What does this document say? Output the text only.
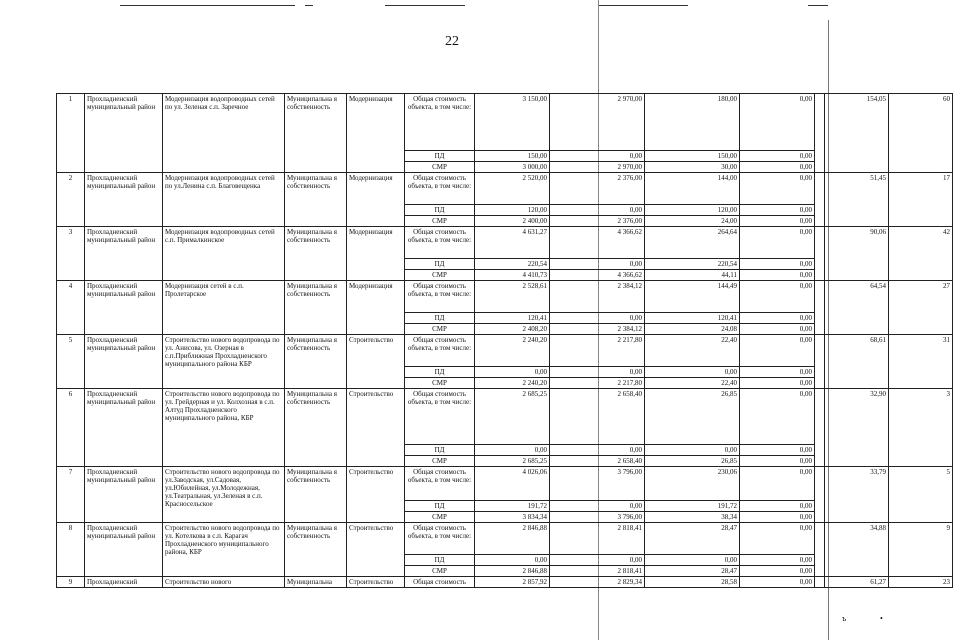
22
1	Прохладненский муниципальный район	Модернизация водопроводных сетей по ул. Зеленая с.п. Заречное	Муниципальна я собственность	Модернизация	Общая стоимость объекта, в том числе:	3 150,00	2 970,00	180,00	0,00		154,05	60
					ПД	150,00	0,00	150,00	0,00			
					СМР	3 000,00	2 970,00	30,00	0,00			
2	Прохладненский муниципальный район	Модернизация водопроводных сетей по ул.Ленина с.п. Благовещенка	Муниципальна я собственность	Модернизация	Общая стоимость объекта, в том числе:	2 520,00	2 376,00	144,00	0,00		51,45	17
					ПД	120,00	0,00	120,00	0,00			
					СМР	2 400,00	2 376,00	24,00	0,00			
3	Прохладненский муниципальный район	Модернизация водопроводных сетей с.п. Прималкинское	Муниципальна я собственность	Модернизация	Общая стоимость объекта, в том числе:	4 631,27	4 366,62	264,64	0,00		90,06	42
					ПД	220,54	0,00	220,54	0,00			
					СМР	4 410,73	4 366,62	44,11	0,00			
4	Прохладненский муниципальный район	Модернизация сетей в с.п. Пролетарское	Муниципальна я собственность	Модернизация	Общая стоимость объекта, в том числе:	2 528,61	2 384,12	144,49	0,00		64,54	27
					ПД	120,41	0,00	120,41	0,00			
					СМР	2 408,20	2 384,12	24,08	0,00			
5	Прохладненский муниципальный район	Строительство нового водопровода по ул. Анисова, ул. Озерная в с.п.Приближная Прохладненского муниципального района КБР	Муниципальна я собственность	Строительство	Общая стоимость объекта, в том числе:	2 240,20	2 217,80	22,40	0,00		68,61	31
					ПД	0,00	0,00	0,00	0,00			
					СМР	2 240,20	2 217,80	22,40	0,00			
6	Прохладненский муниципальный район	Строительство нового водопровода по ул. Грейдерная и ул. Колхозная в с.п. Алтуд Прохладненского муниципального района, КБР	Муниципальна я собственность	Строительство	Общая стоимость объекта, в том числе:	2 685,25	2 658,40	26,85	0,00		32,90	3
					ПД	0,00	0,00	0,00	0,00			
					СМР	2 685,25	2 658,40	26,85	0,00			
7	Прохладненский муниципальный район	Строительство нового водопровода по ул.Заводская, ул.Садовая, ул.Юбилейная, ул.Молодежная, ул.Театральная, ул.Зеленая в с.п. Красносельское	Муниципальна я собственность	Строительство	Общая стоимость объекта, в том числе:	4 026,06	3 796,00	230,06	0,00		33,79	5
					ПД	191,72	0,00	191,72	0,00			
					СМР	3 834,34	3 796,00	38,34	0,00			
8	Прохладненский муниципальный район	Строительство нового водопровода по ул. Котелкова в с.п. Карагач Прохладненского муниципального района, КБР	Муниципальна я собственность	Строительство	Общая стоимость объекта, в том числе:	2 846,88	2 818,41	28,47	0,00		34,88	9
					ПД	0,00	0,00	0,00	0,00			
					СМР	2 846,88	2 818,41	28,47	0,00			
9	Прохладненский	Строительство нового	Муниципальна	Строительство	Общая стоимость	2 857,92	2 829,34	28,58	0,00		61,27	23
ъ	•
